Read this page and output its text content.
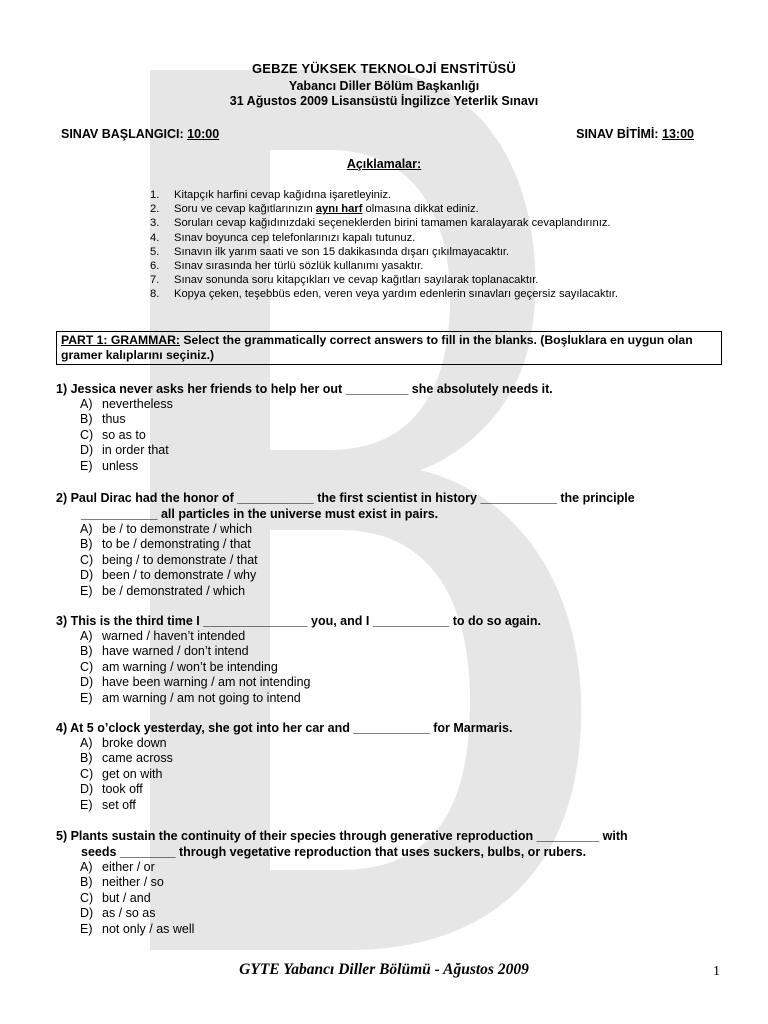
GEBZE YÜKSEK TEKNOLOJİ ENSTİTÜSÜ
Yabancı Diller Bölüm Başkanlığı
31 Ağustos 2009 Lisansüstü İngilizce Yeterlik Sınavı
SINAV BAŞLANGICI: 10:00	SINAV BİTİMİ: 13:00
Açıklamalar:
1. Kitapçık harfini cevap kağıdına işaretleyiniz.
2. Soru ve cevap kağıtlarınızın aynı harf olmasına dikkat ediniz.
3. Soruları cevap kağıdınızdaki seçeneklerden birini tamamen karalayarak cevaplandırınız.
4. Sınav boyunca cep telefonlarınızı kapalı tutunuz.
5. Sınavın ilk yarım saati ve son 15 dakikasında dışarı çıkılmayacaktır.
6. Sınav sırasında her türlü sözlük kullanımı yasaktır.
7. Sınav sonunda soru kitapçıkları ve cevap kağıtları sayılarak toplanacaktır.
8. Kopya çeken, teşebbüs eden, veren veya yardım edenlerin sınavları geçersiz sayılacaktır.
PART 1: GRAMMAR: Select the grammatically correct answers to fill in the blanks. (Boşluklara en uygun olan gramer kalıplarını seçiniz.)
1) Jessica never asks her friends to help her out _________ she absolutely needs it.
A) nevertheless
B) thus
C) so as to
D) in order that
E) unless
2) Paul Dirac had the honor of ___________ the first scientist in history ___________ the principle
___________ all particles in the universe must exist in pairs.
A) be / to demonstrate / which
B) to be / demonstrating / that
C) being / to demonstrate / that
D) been / to demonstrate / why
E) be / demonstrated / which
3) This is the third time I _______________ you, and I ___________ to do so again.
A) warned / haven’t intended
B) have warned / don’t intend
C) am warning / won’t be intending
D) have been warning / am not intending
E) am warning / am not going to intend
4) At 5 o’clock yesterday, she got into her car and ___________ for Marmaris.
A) broke down
B) came across
C) get on with
D) took off
E) set off
5) Plants sustain the continuity of their species through generative reproduction _________ with
seeds ________ through vegetative reproduction that uses suckers, bulbs, or rubers.
A) either / or
B) neither / so
C) but / and
D) as / so as
E) not only / as well
GYTE Yabancı Diller Bölümü - Ağustos 2009	1
